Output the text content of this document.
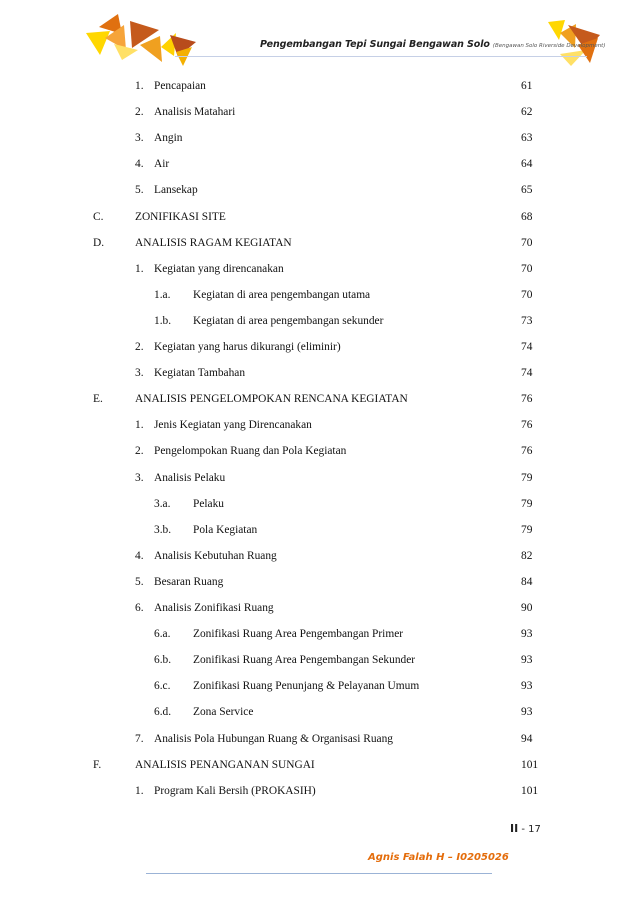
Pengembangan Tepi Sungai Bengawan Solo (Bengawan Solo Riverside Development)
1. Pencapaian	61
2. Analisis Matahari	62
3. Angin	63
4. Air	64
5. Lansekap	65
C.	ZONIFIKASI SITE	68
D.	ANALISIS RAGAM KEGIATAN	70
1. Kegiatan yang direncanakan	70
1.a. Kegiatan di area pengembangan utama	70
1.b. Kegiatan di area pengembangan sekunder	73
2. Kegiatan yang harus dikurangi (eliminir)	74
3. Kegiatan Tambahan	74
E.	ANALISIS PENGELOMPOKAN RENCANA KEGIATAN	76
1. Jenis Kegiatan yang Direncanakan	76
2. Pengelompokan Ruang dan Pola Kegiatan	76
3. Analisis Pelaku	79
3.a. Pelaku	79
3.b. Pola Kegiatan	79
4. Analisis Kebutuhan Ruang	82
5. Besaran Ruang	84
6. Analisis Zonifikasi Ruang	90
6.a. Zonifikasi Ruang Area Pengembangan Primer	93
6.b. Zonifikasi Ruang Area Pengembangan Sekunder	93
6.c. Zonifikasi Ruang Penunjang & Pelayanan Umum	93
6.d. Zona Service	93
7. Analisis Pola Hubungan Ruang & Organisasi Ruang	94
F.	ANALISIS PENANGANAN SUNGAI	101
1. Program Kali Bersih (PROKASIH)	101
II - 17
Agnis Falah H – I0205026
